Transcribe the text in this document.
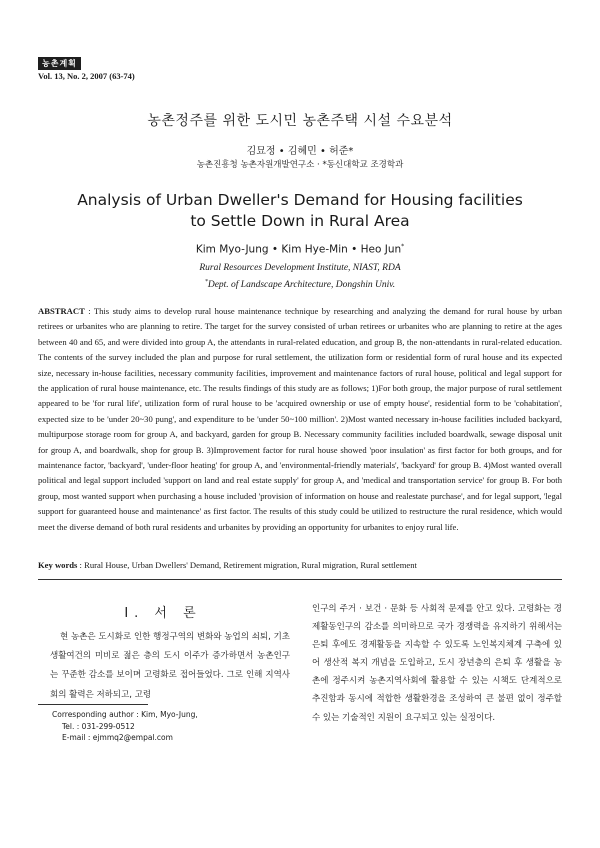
농촌계획
Vol. 13, No. 2, 2007 (63-74)
농촌정주를 위한 도시민 농촌주택 시설 수요분석
김묘정 • 김혜민 • 허준*
농촌진흥청 농촌자원개발연구소 · *동신대학교 조경학과
Analysis of Urban Dweller's Demand for Housing facilities
to Settle Down in Rural Area
Kim Myo-Jung • Kim Hye-Min • Heo Jun*
Rural Resources Development Institute, NIAST, RDA
*Dept. of Landscape Architecture, Dongshin Univ.

ABSTRACT : This study aims to develop rural house maintenance technique by researching and analyzing the demand for rural house by urban retirees or urbanites who are planning to retire. The target for the survey consisted of urban retirees or urbanites who are planning to retire at the ages between 40 and 65, and were divided into group A, the attendants in rural-related education, and group B, the non-attendants in rural-related education. The contents of the survey included the plan and purpose for rural settlement, the utilization form or residential form of rural house and its expected size, necessary in-house facilities, necessary community facilities, improvement and maintenance factors of rural house, political and legal support for the application of rural house maintenance, etc. The results findings of this study are as follows; 1)For both group, the major purpose of rural settlement appeared to be 'for rural life', utilization form of rural house to be 'acquired ownership or use of empty house', residential form to be 'cohabitation', expected size to be 'under 20~30 pung', and expenditure to be 'under 50~100 million'. 2)Most wanted necessary in-house facilities included backyard, multipurpose storage room for group A, and backyard, garden for group B. Necessary community facilities included boardwalk, sewage disposal unit for group A, and boardwalk, shop for group B. 3)Improvement factor for rural house showed 'poor insulation' as first factor for both groups, and for maintenance factor, 'backyard', 'under-floor heating' for group A, and 'environmental-friendly materials', 'backyard' for group B. 4)Most wanted overall political and legal support included 'support on land and real estate supply' for group A, and 'medical and transportation service' for group B. For both group, most wanted support when purchasing a house included 'provision of information on house and realestate purchase', and for legal support, 'legal support for guaranteed house and maintenance' as first factor. The results of this study could be utilized to restructure the rural residence, which would meet the diverse demand of both rural residents and urbanites by providing an opportunity for urbanites to enjoy rural life.

Key words : Rural House, Urban Dwellers' Demand, Retirement migration, Rural migration, Rural settlement
I. 서 론

현 농촌은 도시화로 인한 행정구역의 변화와 농업의 쇠퇴, 기초생활여건의 미비로 젊은 층의 도시 이주가 증가하면서 농촌인구는 꾸준한 감소를 보이며 고령화로 접어들었다. 그로 인해 지역사회의 활력은 저하되고, 고령

인구의 주거 · 보건 · 문화 등 사회적 문제를 안고 있다. 고령화는 경제활동인구의 감소를 의미하므로 국가 경쟁력을 유지하기 위해서는 은퇴 후에도 경제활동을 지속할 수 있도록 노인복지체계 구축에 있어 생산적 복지 개념을 도입하고, 도시 장년층의 은퇴 후 생활을 농촌에 정주시켜 농촌지역사회에 활용할 수 있는 시책도 단계적으로 추진함과 동시에 적합한 생활환경을 조성하여 큰 불편 없이 정주할 수 있는 기술적인 지원이 요구되고 있는 실정이다.

Corresponding author : Kim, Myo-Jung,
Tel. : 031-299-0512
E-mail : ejmmq2@empal.com
